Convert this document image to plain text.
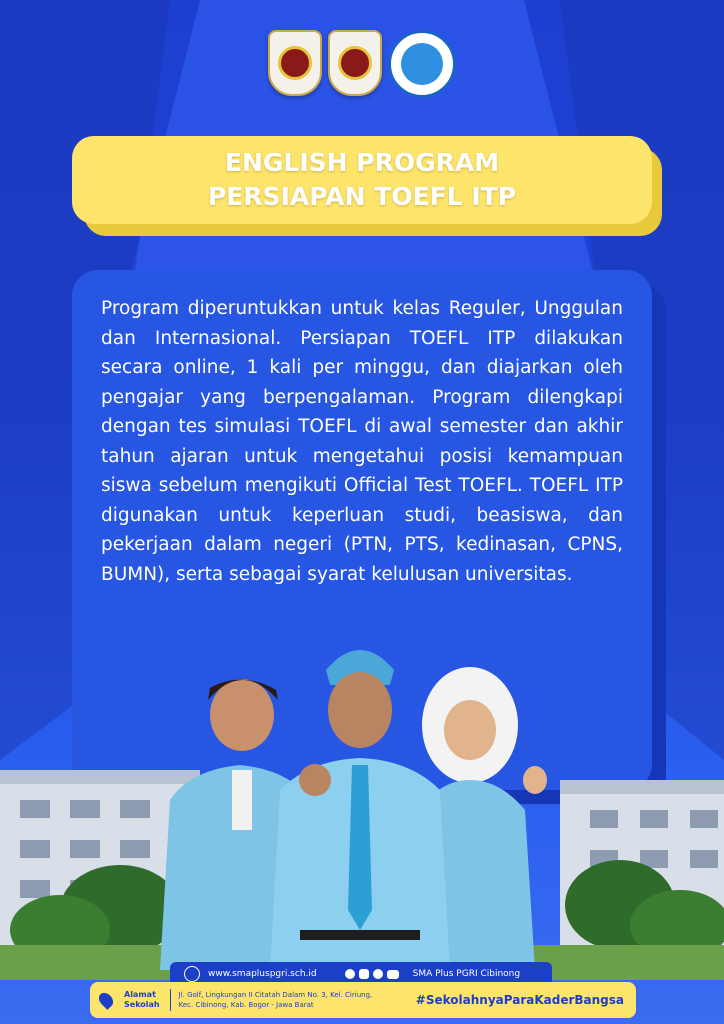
ENGLISH PROGRAM
PERSIAPAN TOEFL ITP

Program diperuntukkan untuk kelas Reguler, Unggulan dan Internasional. Persiapan TOEFL ITP dilakukan secara online, 1 kali per minggu, dan diajarkan oleh pengajar yang berpengalaman. Program dilengkapi dengan tes simulasi TOEFL di awal semester dan akhir tahun ajaran untuk mengetahui posisi kemampuan siswa sebelum mengikuti Official Test TOEFL. TOEFL ITP digunakan untuk keperluan studi, beasiswa, dan pekerjaan dalam negeri (PTN, PTS, kedinasan, CPNS, BUMN), serta sebagai syarat kelulusan universitas.

www.smapluspgri.sch.id	SMA Plus PGRI Cibinong
Alamat
Sekolah
Jl. Golf, Lingkungan II Citatah Dalam No. 3, Kel. Ciriung,
Kec. Cibinong, Kab. Bogor - Jawa Barat	#SekolahnyaParaKaderBangsa
